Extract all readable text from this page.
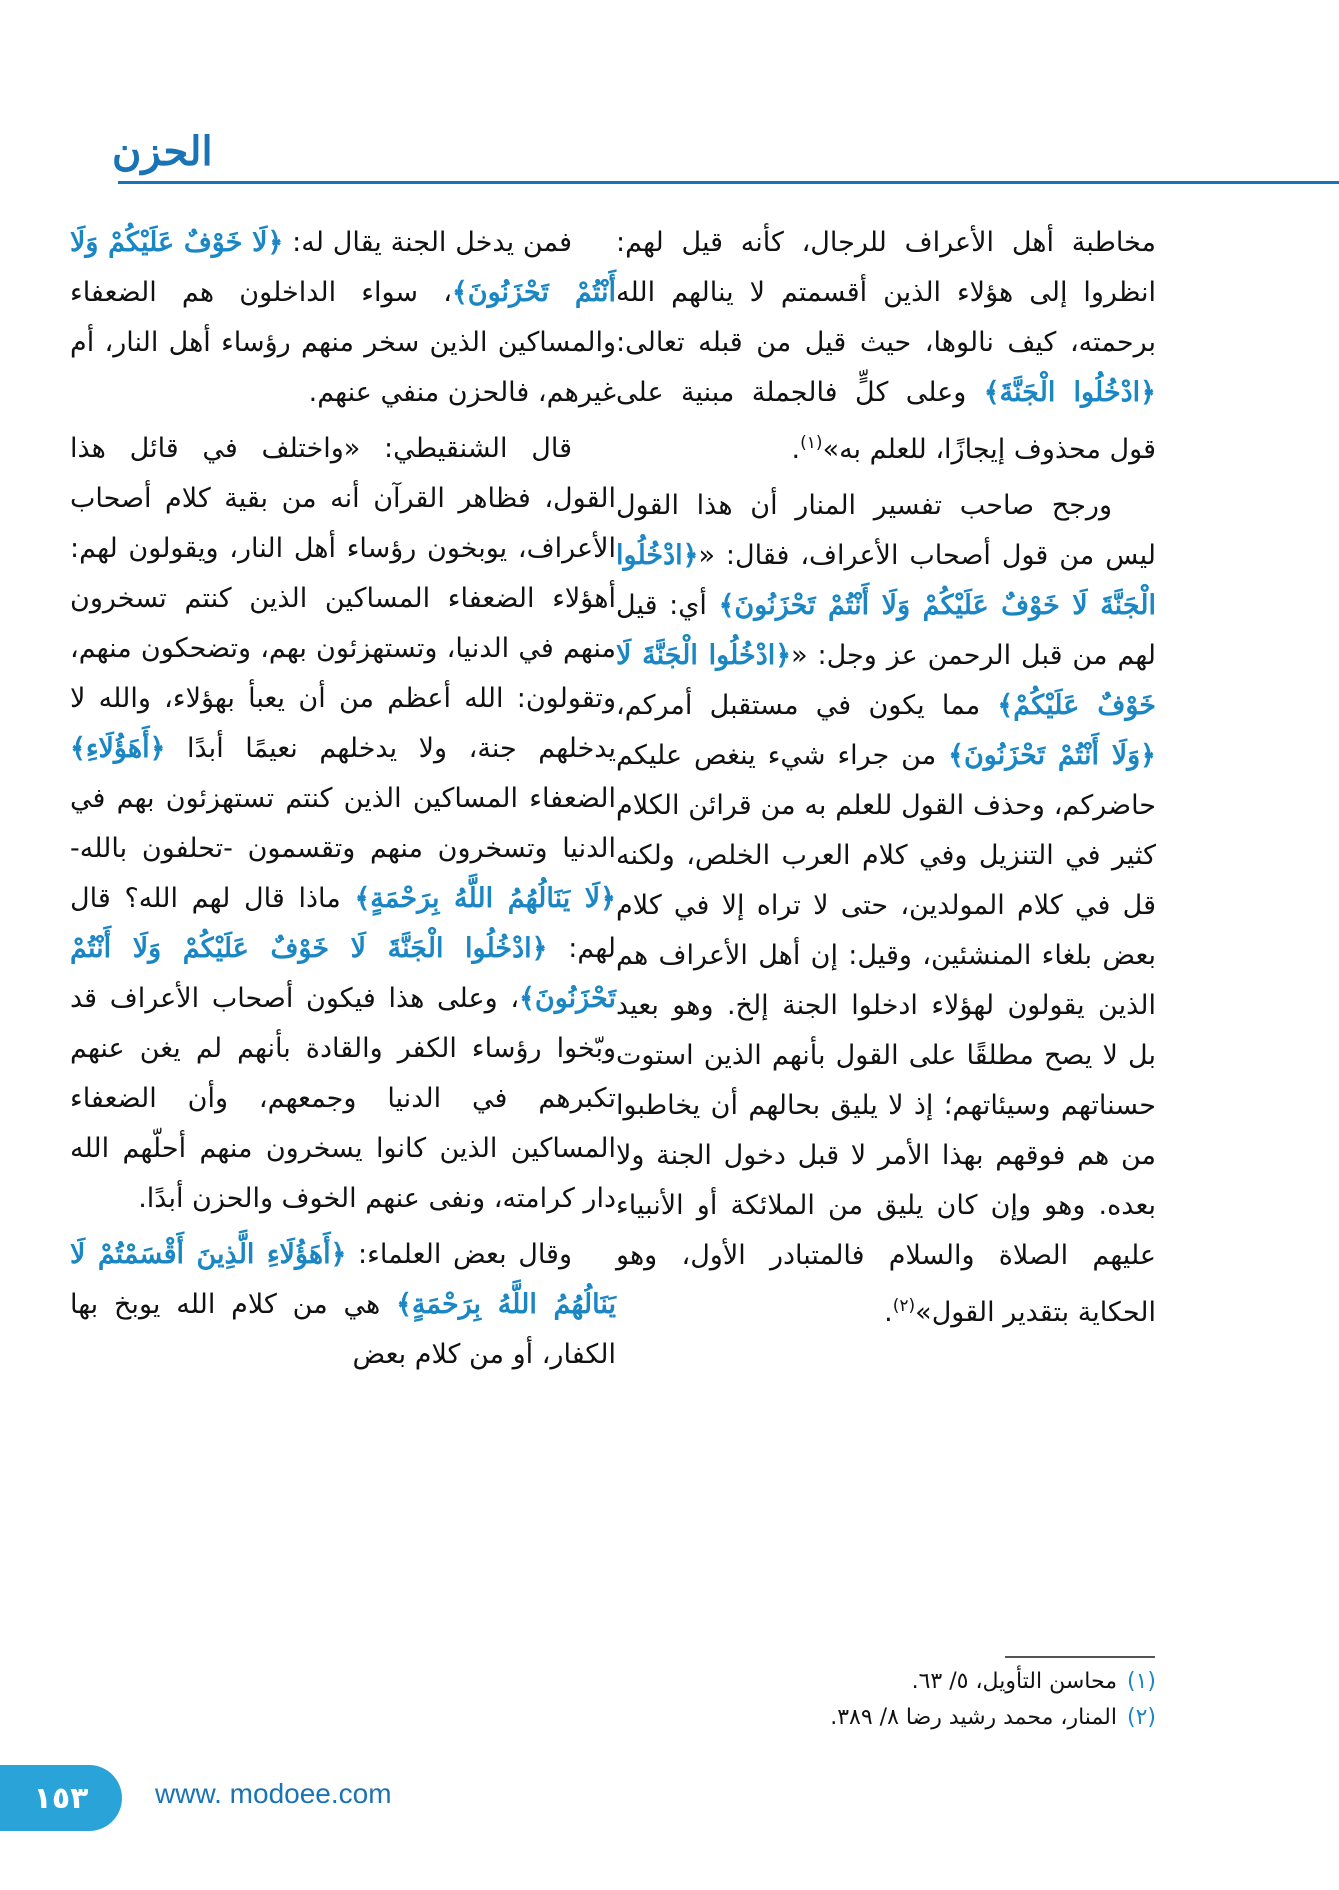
الحزن

مخاطبة أهل الأعراف للرجال، كأنه قيل لهم: انظروا إلى هؤلاء الذين أقسمتم لا ينالهم الله برحمته، كيف نالوها، حيث قيل من قبله تعالى: ﴿ادْخُلُوا الْجَنَّةَ﴾ وعلى كلٍّ فالجملة مبنية على قول محذوف إيجازًا، للعلم به»$^{(١)}$.

ورجح صاحب تفسير المنار أن هذا القول ليس من قول أصحاب الأعراف، فقال: «﴿ادْخُلُوا الْجَنَّةَ لَا خَوْفٌ عَلَيْكُمْ وَلَا أَنْتُمْ تَحْزَنُونَ﴾ أي: قيل لهم من قبل الرحمن عز وجل: «﴿ادْخُلُوا الْجَنَّةَ لَا خَوْفٌ عَلَيْكُمْ﴾ مما يكون في مستقبل أمركم، ﴿وَلَا أَنْتُمْ تَحْزَنُونَ﴾ من جراء شيء ينغص عليكم حاضركم، وحذف القول للعلم به من قرائن الكلام كثير في التنزيل وفي كلام العرب الخلص، ولكنه قل في كلام المولدين، حتى لا تراه إلا في كلام بعض بلغاء المنشئين، وقيل: إن أهل الأعراف هم الذين يقولون لهؤلاء ادخلوا الجنة إلخ. وهو بعيد بل لا يصح مطلقًا على القول بأنهم الذين استوت حسناتهم وسيئاتهم؛ إذ لا يليق بحالهم أن يخاطبوا من هم فوقهم بهذا الأمر لا قبل دخول الجنة ولا بعده. وهو وإن كان يليق من الملائكة أو الأنبياء عليهم الصلاة والسلام فالمتبادر الأول، وهو الحكاية بتقدير القول»$^{(٢)}$.

فمن يدخل الجنة يقال له: ﴿لَا خَوْفٌ عَلَيْكُمْ وَلَا أَنْتُمْ تَحْزَنُونَ﴾، سواء الداخلون هم الضعفاء والمساكين الذين سخر منهم رؤساء أهل النار، أم غيرهم، فالحزن منفي عنهم.

قال الشنقيطي: «واختلف في قائل هذا القول، فظاهر القرآن أنه من بقية كلام أصحاب الأعراف، يوبخون رؤساء أهل النار، ويقولون لهم: أهؤلاء الضعفاء المساكين الذين كنتم تسخرون منهم في الدنيا، وتستهزئون بهم، وتضحكون منهم، وتقولون: الله أعظم من أن يعبأ بهؤلاء، والله لا يدخلهم جنة، ولا يدخلهم نعيمًا أبدًا ﴿أَهَؤُلَاءِ﴾ الضعفاء المساكين الذين كنتم تستهزئون بهم في الدنيا وتسخرون منهم وتقسمون -تحلفون بالله- ﴿لَا يَنَالُهُمُ اللَّهُ بِرَحْمَةٍ﴾ ماذا قال لهم الله؟ قال لهم: ﴿ادْخُلُوا الْجَنَّةَ لَا خَوْفٌ عَلَيْكُمْ وَلَا أَنْتُمْ تَحْزَنُونَ﴾، وعلى هذا فيكون أصحاب الأعراف قد وبّخوا رؤساء الكفر والقادة بأنهم لم يغن عنهم تكبرهم في الدنيا وجمعهم، وأن الضعفاء المساكين الذين كانوا يسخرون منهم أحلّهم الله دار كرامته، ونفى عنهم الخوف والحزن أبدًا.

وقال بعض العلماء: ﴿أَهَؤُلَاءِ الَّذِينَ أَقْسَمْتُمْ لَا يَنَالُهُمُ اللَّهُ بِرَحْمَةٍ﴾ هي من كلام الله يوبخ بها الكفار، أو من كلام بعض

(١)محاسن التأويل، ٥/ ٦٣.

(٢)المنار، محمد رشيد رضا ٨/ ٣٨٩.

١٥٣	www. modoee.com
